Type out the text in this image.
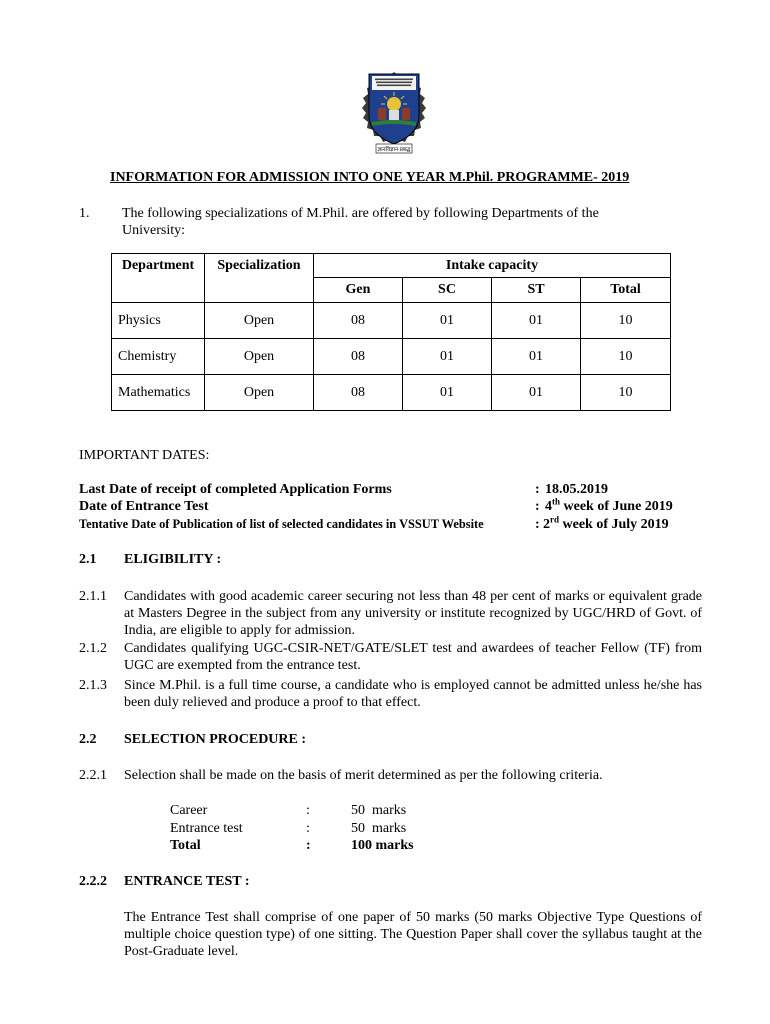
ज्ञानविज्ञान प्रबद्ध
INFORMATION FOR ADMISSION INTO ONE YEAR M.Phil. PROGRAMME- 2019
1. The following specializations of M.Phil. are offered by following Departments of the
University:
Department	Specialization	Intake capacity			
		Gen	SC	ST	Total
Physics	Open	08	01	01	10
Chemistry	Open	08	01	01	10
Mathematics	Open	08	01	01	10
IMPORTANT DATES:
Last Date of receipt of completed Application Forms	: 18.05.2019
Date of Entrance Test	: 4th week of June 2019
Tentative Date of Publication of list of selected candidates in VSSUT Website	: 2rd week of July 2019
2.1 ELIGIBILITY :
2.1.1 Candidates with good academic career securing not less than 48 per cent of marks or equivalent grade at Masters Degree in the subject from any university or institute recognized by UGC/HRD of Govt. of India, are eligible to apply for admission.
2.1.2 Candidates qualifying UGC-CSIR-NET/GATE/SLET test and awardees of teacher Fellow (TF) from UGC are exempted from the entrance test.
2.1.3 Since M.Phil. is a full time course, a candidate who is employed cannot be admitted unless he/she has been duly relieved and produce a proof to that effect.
2.2 SELECTION PROCEDURE :
2.2.1 Selection shall be made on the basis of merit determined as per the following criteria.
Career	:	50  marks
Entrance test	:	50  marks
Total	:	100 marks
2.2.2 ENTRANCE TEST :
The Entrance Test shall comprise of one paper of 50 marks (50 marks Objective Type Questions of multiple choice question type) of one sitting. The Question Paper shall cover the syllabus taught at the Post-Graduate level.
